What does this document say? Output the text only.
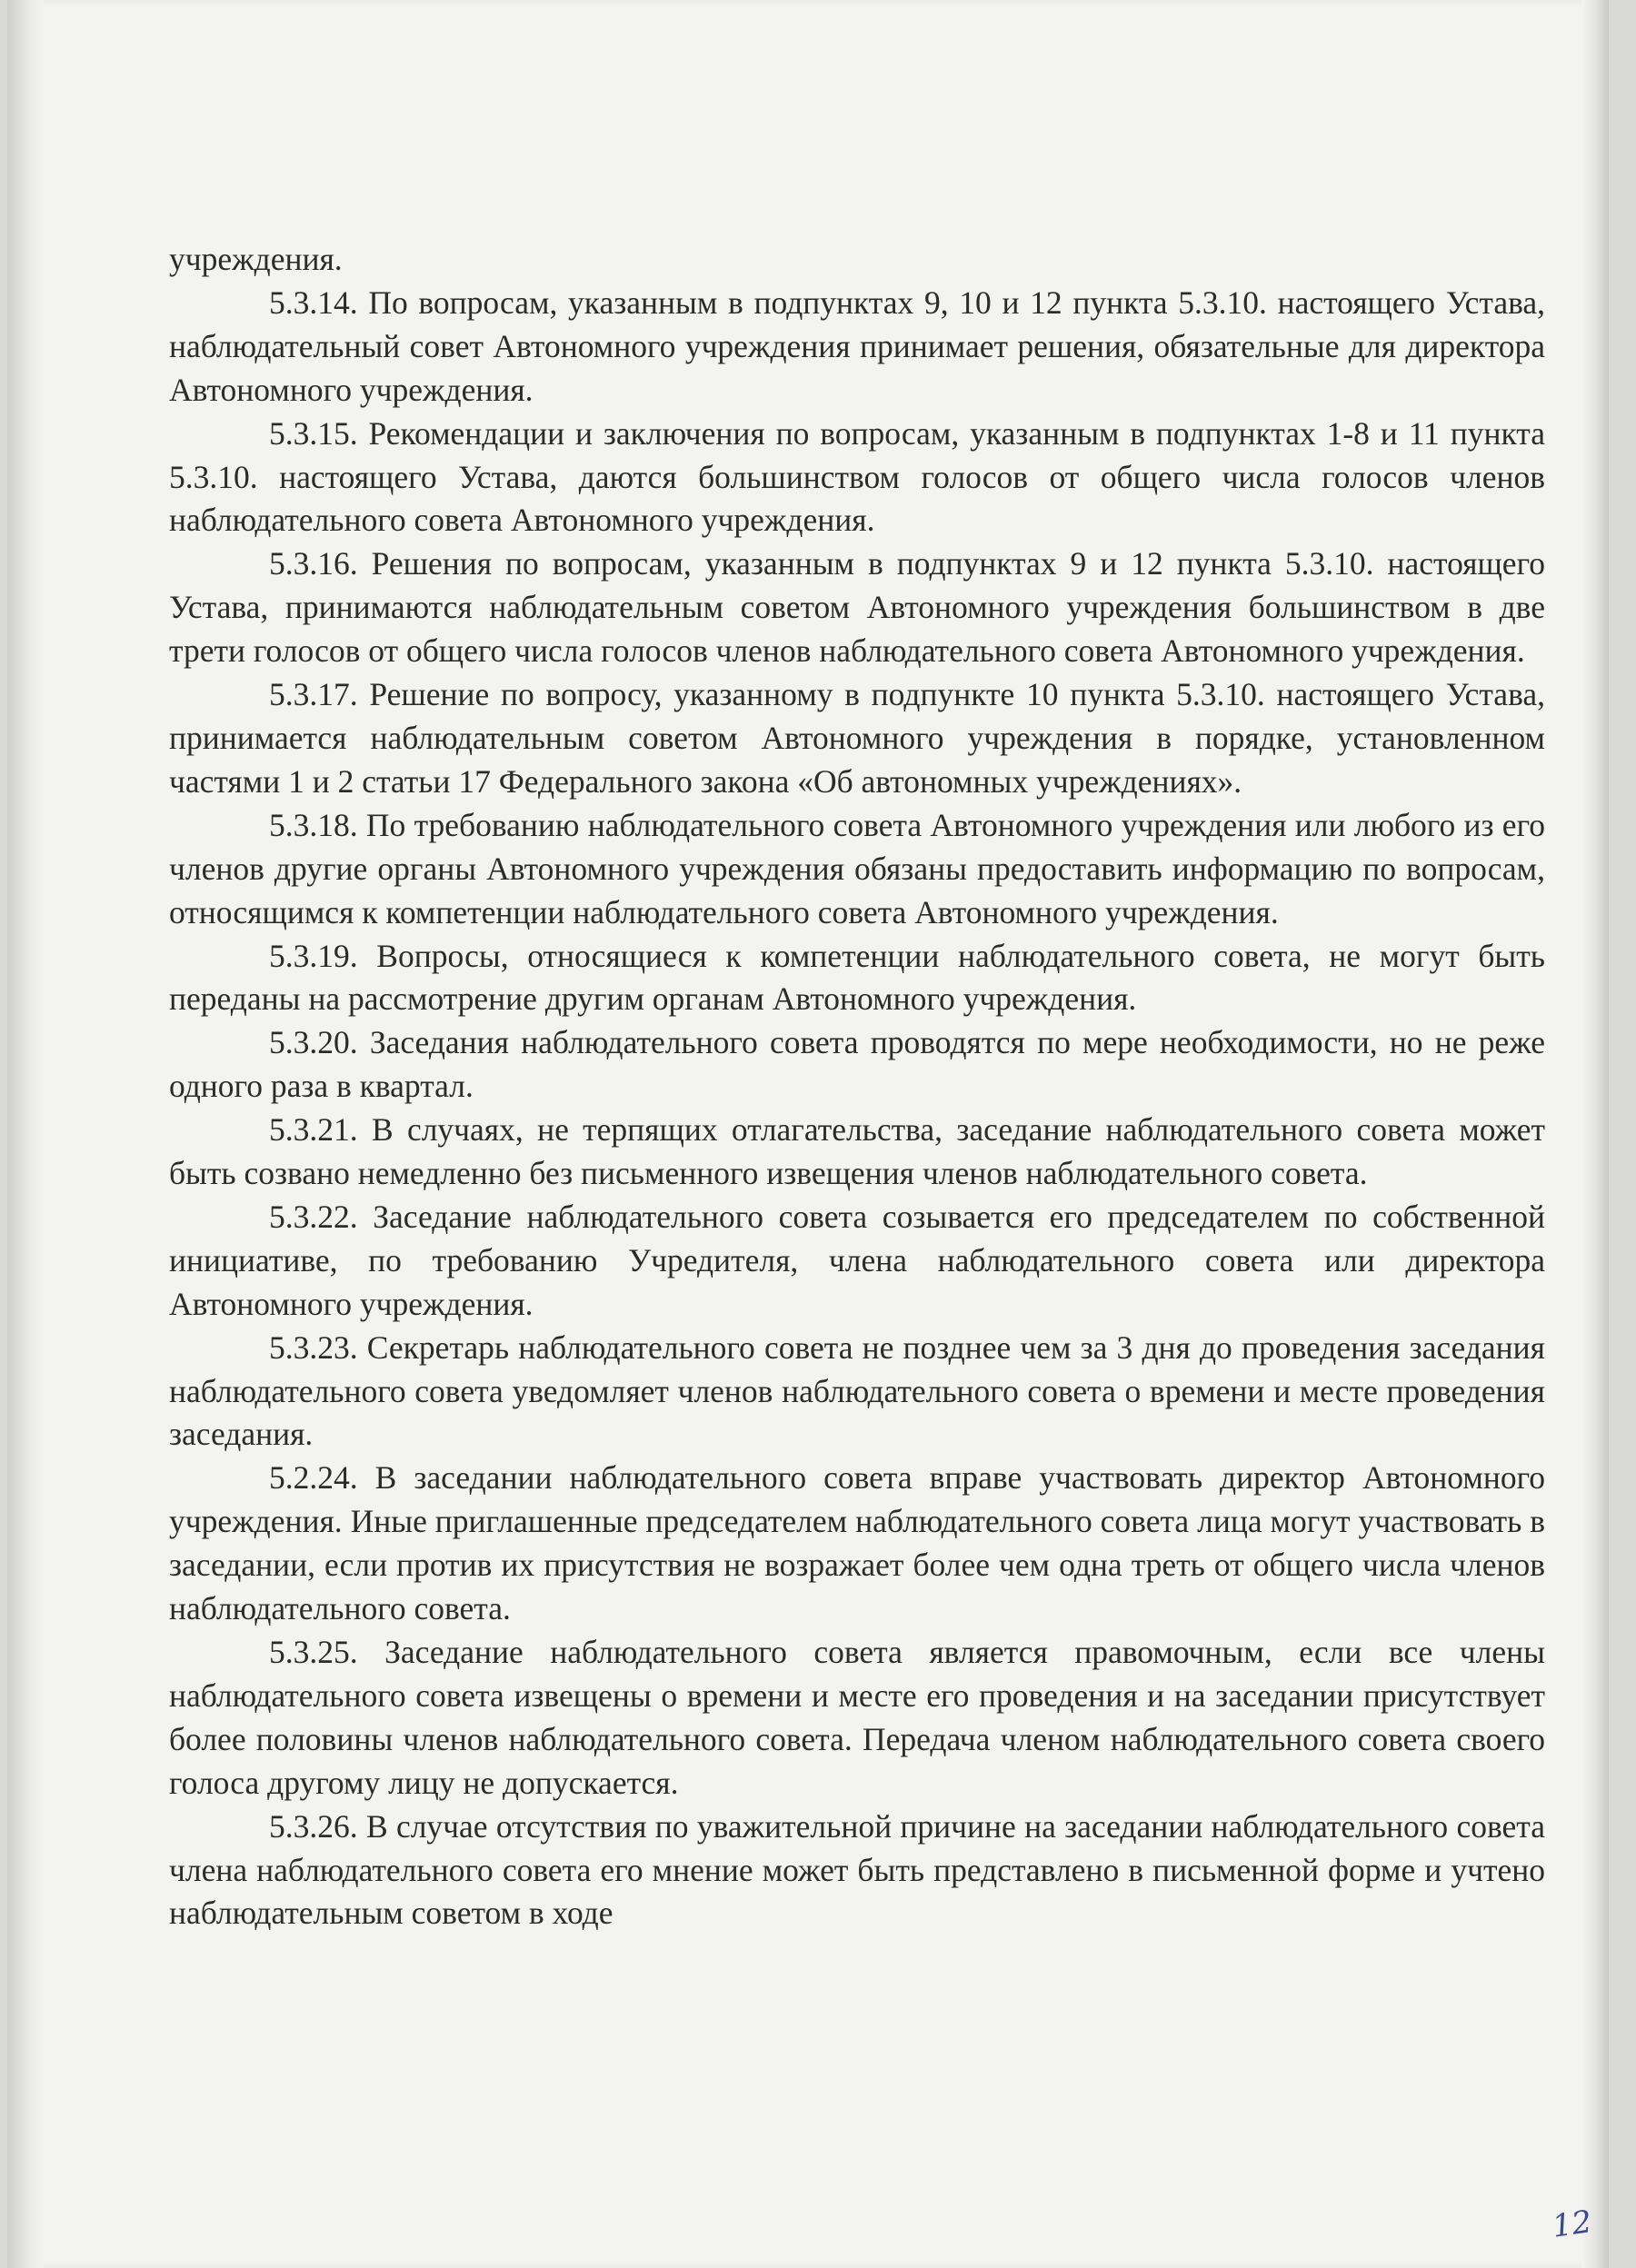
учреждения.

5.3.14. По вопросам, указанным в подпунктах 9, 10 и 12 пункта 5.3.10. настоящего Устава, наблюдательный совет Автономного учреждения принимает решения, обязательные для директора Автономного учреждения.

5.3.15. Рекомендации и заключения по вопросам, указанным в подпунктах 1-8 и 11 пункта 5.3.10. настоящего Устава, даются большинством голосов от общего числа голосов членов наблюдательного совета Автономного учреждения.

5.3.16. Решения по вопросам, указанным в подпунктах 9 и 12 пункта 5.3.10. настоящего Устава, принимаются наблюдательным советом Автономного учреждения большинством в две трети голосов от общего числа голосов членов наблюдательного совета Автономного учреждения.

5.3.17. Решение по вопросу, указанному в подпункте 10 пункта 5.3.10. настоящего Устава, принимается наблюдательным советом Автономного учреждения в порядке, установленном частями 1 и 2 статьи 17 Федерального закона «Об автономных учреждениях».

5.3.18. По требованию наблюдательного совета Автономного учреждения или любого из его членов другие органы Автономного учреждения обязаны предоставить информацию по вопросам, относящимся к компетенции наблюдательного совета Автономного учреждения.

5.3.19. Вопросы, относящиеся к компетенции наблюдательного совета, не могут быть переданы на рассмотрение другим органам Автономного учреждения.

5.3.20. Заседания наблюдательного совета проводятся по мере необходимости, но не реже одного раза в квартал.

5.3.21. В случаях, не терпящих отлагательства, заседание наблюдательного совета может быть созвано немедленно без письменного извещения членов наблюдательного совета.

5.3.22. Заседание наблюдательного совета созывается его председателем по собственной инициативе, по требованию Учредителя, члена наблюдательного совета или директора Автономного учреждения.

5.3.23. Секретарь наблюдательного совета не позднее чем за 3 дня до проведения заседания наблюдательного совета уведомляет членов наблюдательного совета о времени и месте проведения заседания.

5.2.24. В заседании наблюдательного совета вправе участвовать директор Автономного учреждения. Иные приглашенные председателем наблюдательного совета лица могут участвовать в заседании, если против их присутствия не возражает более чем одна треть от общего числа членов наблюдательного совета.

5.3.25. Заседание наблюдательного совета является правомочным, если все члены наблюдательного совета извещены о времени и месте его проведения и на заседании присутствует более половины членов наблюдательного совета. Передача членом наблюдательного совета своего голоса другому лицу не допускается.

5.3.26. В случае отсутствия по уважительной причине на заседании наблюдательного совета члена наблюдательного совета его мнение может быть представлено в письменной форме и учтено наблюдательным советом в ходе

12
